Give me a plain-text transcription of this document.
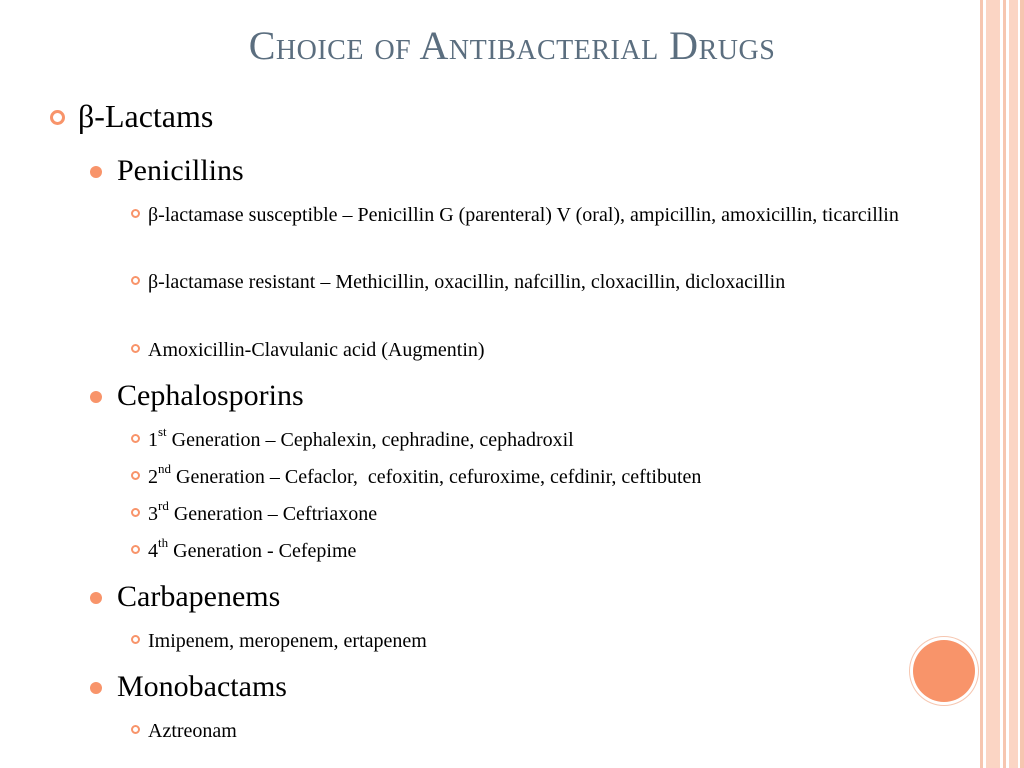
Choice of Antibacterial Drugs
β-Lactams
Penicillins
β-lactamase susceptible – Penicillin G (parenteral) V (oral), ampicillin, amoxicillin, ticarcillin
β-lactamase resistant – Methicillin, oxacillin, nafcillin, cloxacillin, dicloxacillin
Amoxicillin-Clavulanic acid (Augmentin)
Cephalosporins
1st Generation – Cephalexin, cephradine, cephadroxil
2nd Generation – Cefaclor,  cefoxitin, cefuroxime, cefdinir, ceftibuten
3rd Generation – Ceftriaxone
4th Generation - Cefepime
Carbapenems
Imipenem, meropenem, ertapenem
Monobactams
Aztreonam
